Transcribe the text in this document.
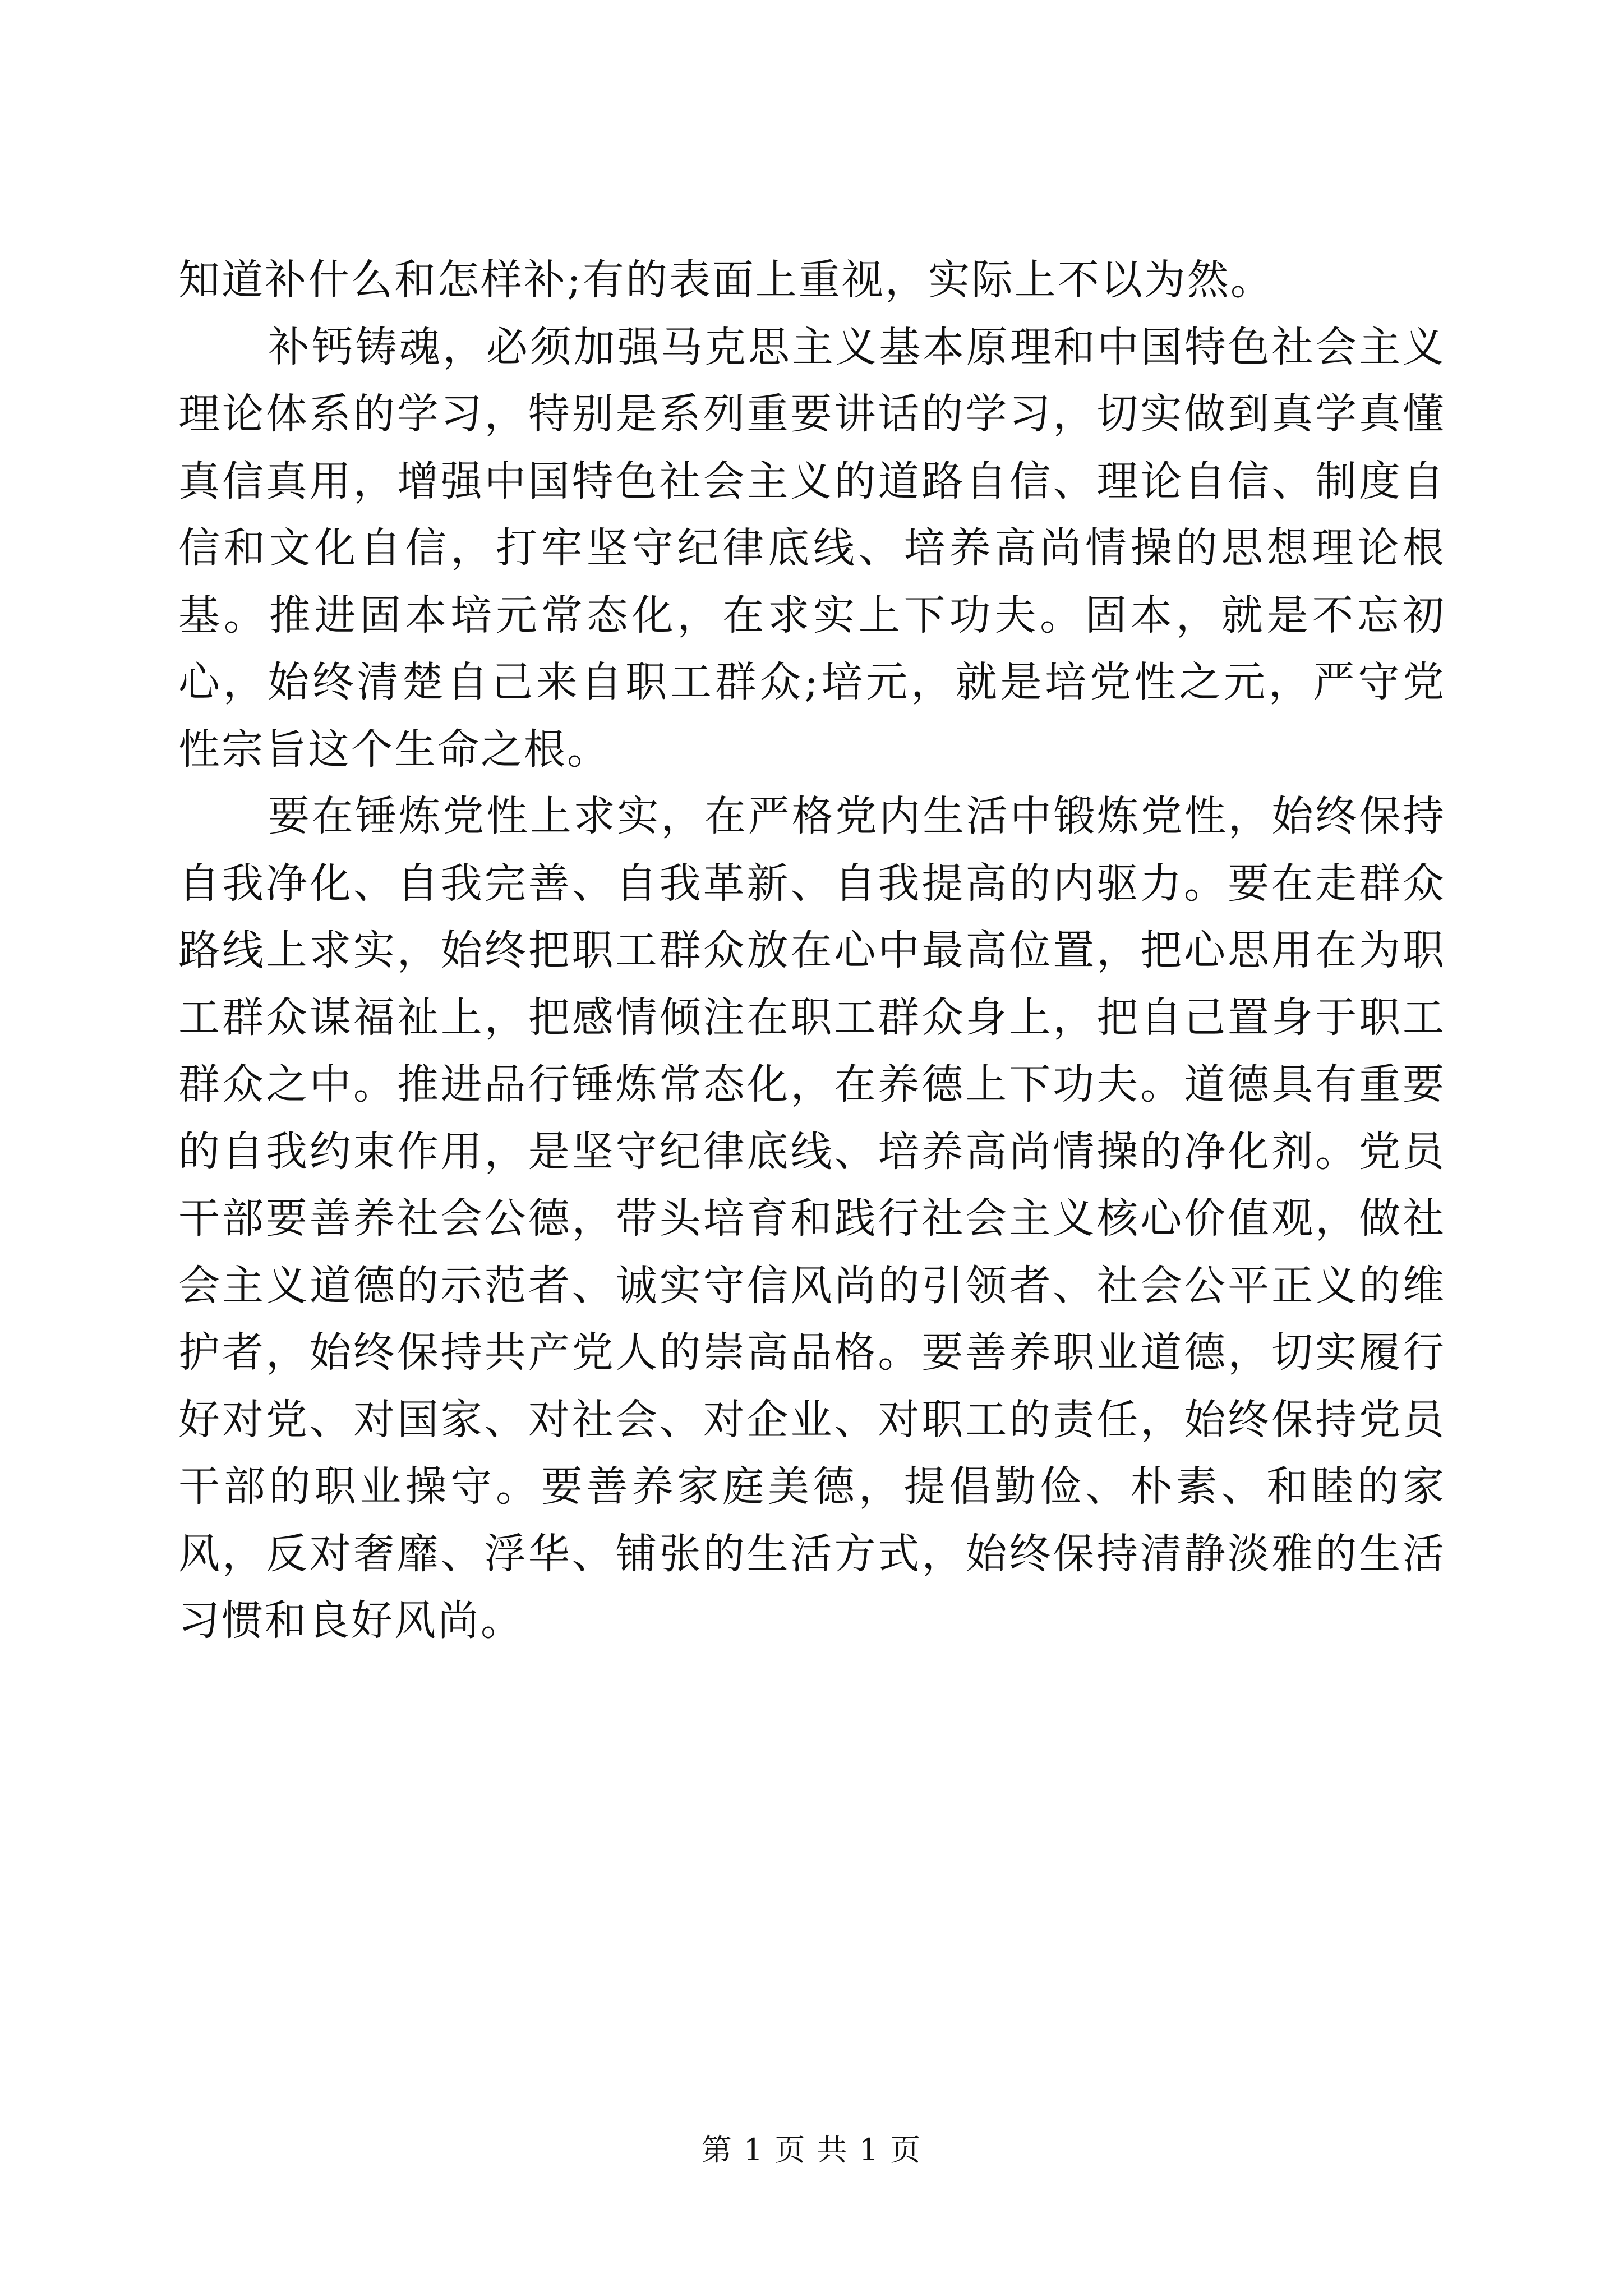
知道补什么和怎样补;有的表面上重视，实际上不以为然。

补钙铸魂，必须加强马克思主义基本原理和中国特色社会主义理论体系的学习，特别是系列重要讲话的学习，切实做到真学真懂真信真用，增强中国特色社会主义的道路自信、理论自信、制度自信和文化自信，打牢坚守纪律底线、培养高尚情操的思想理论根基。推进固本培元常态化，在求实上下功夫。固本，就是不忘初心，始终清楚自己来自职工群众;培元，就是培党性之元，严守党性宗旨这个生命之根。

要在锤炼党性上求实，在严格党内生活中锻炼党性，始终保持自我净化、自我完善、自我革新、自我提高的内驱力。要在走群众路线上求实，始终把职工群众放在心中最高位置，把心思用在为职工群众谋福祉上，把感情倾注在职工群众身上，把自己置身于职工群众之中。推进品行锤炼常态化，在养德上下功夫。道德具有重要的自我约束作用，是坚守纪律底线、培养高尚情操的净化剂。党员干部要善养社会公德，带头培育和践行社会主义核心价值观，做社会主义道德的示范者、诚实守信风尚的引领者、社会公平正义的维护者，始终保持共产党人的崇高品格。要善养职业道德，切实履行好对党、对国家、对社会、对企业、对职工的责任，始终保持党员干部的职业操守。要善养家庭美德，提倡勤俭、朴素、和睦的家风，反对奢靡、浮华、铺张的生活方式，始终保持清静淡雅的生活习惯和良好风尚。

第 1 页 共 1 页
